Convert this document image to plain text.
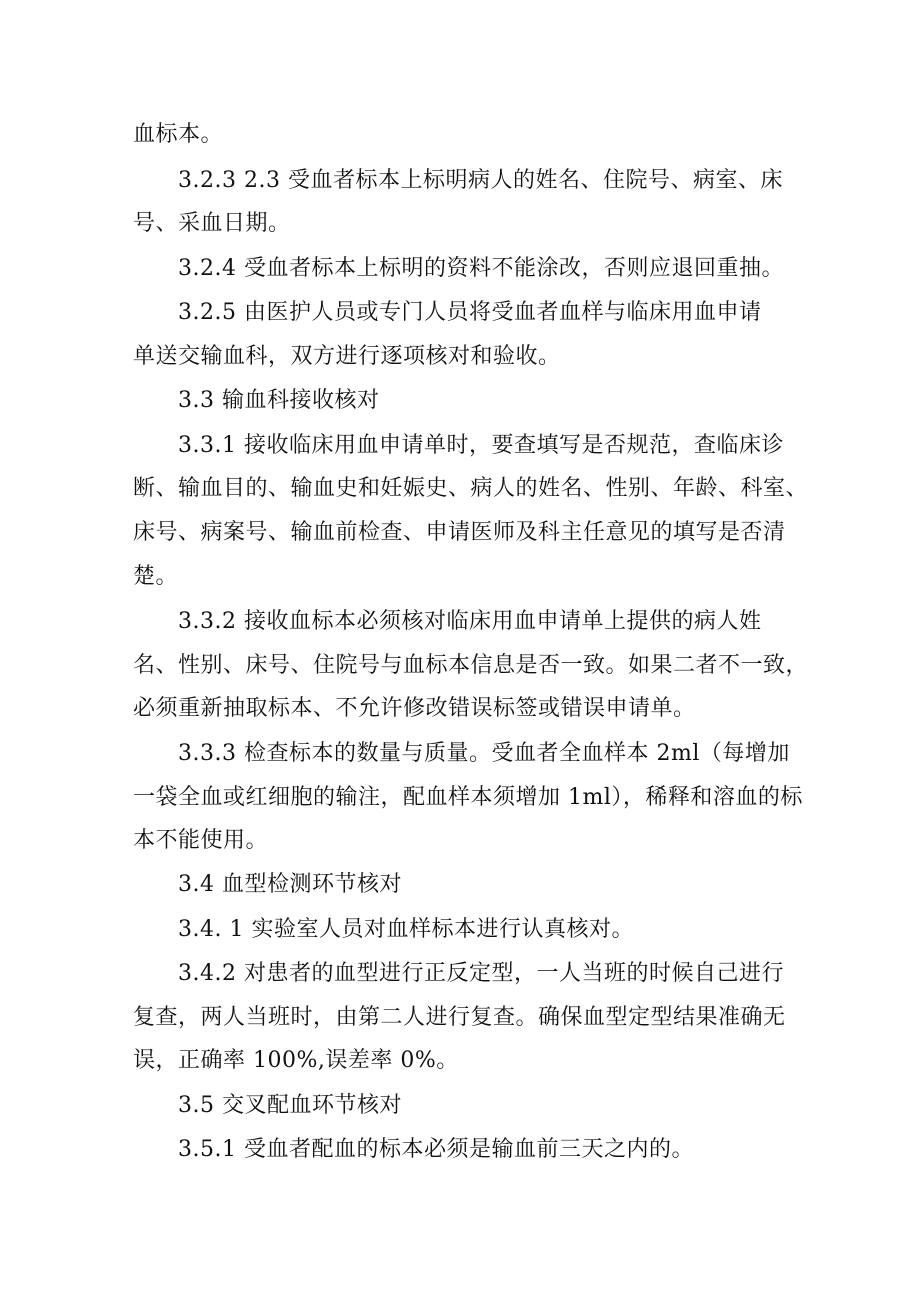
血标本。

3.2.3 2.3 受血者标本上标明病人的姓名、住院号、病室、床

号、采血日期。

3.2.4 受血者标本上标明的资料不能涂改，否则应退回重抽。

3.2.5 由医护人员或专门人员将受血者血样与临床用血申请

单送交输血科，双方进行逐项核对和验收。

3.3 输血科接收核对

3.3.1 接收临床用血申请单时，要查填写是否规范，查临床诊

断、输血目的、输血史和妊娠史、病人的姓名、性别、年龄、科室、

床号、病案号、输血前检查、申请医师及科主任意见的填写是否清

楚。

3.3.2 接收血标本必须核对临床用血申请单上提供的病人姓

名、性别、床号、住院号与血标本信息是否一致。如果二者不一致，

必须重新抽取标本、不允许修改错误标签或错误申请单。

3.3.3 检查标本的数量与质量。受血者全血样本 2ml（每增加

一袋全血或红细胞的输注，配血样本须增加 1ml），稀释和溶血的标

本不能使用。

3.4 血型检测环节核对

3.4. 1 实验室人员对血样标本进行认真核对。

3.4.2 对患者的血型进行正反定型，一人当班的时候自己进行

复查，两人当班时，由第二人进行复查。确保血型定型结果准确无

误，正确率 100%,误差率 0%。

3.5 交叉配血环节核对

3.5.1 受血者配血的标本必须是输血前三天之内的。
